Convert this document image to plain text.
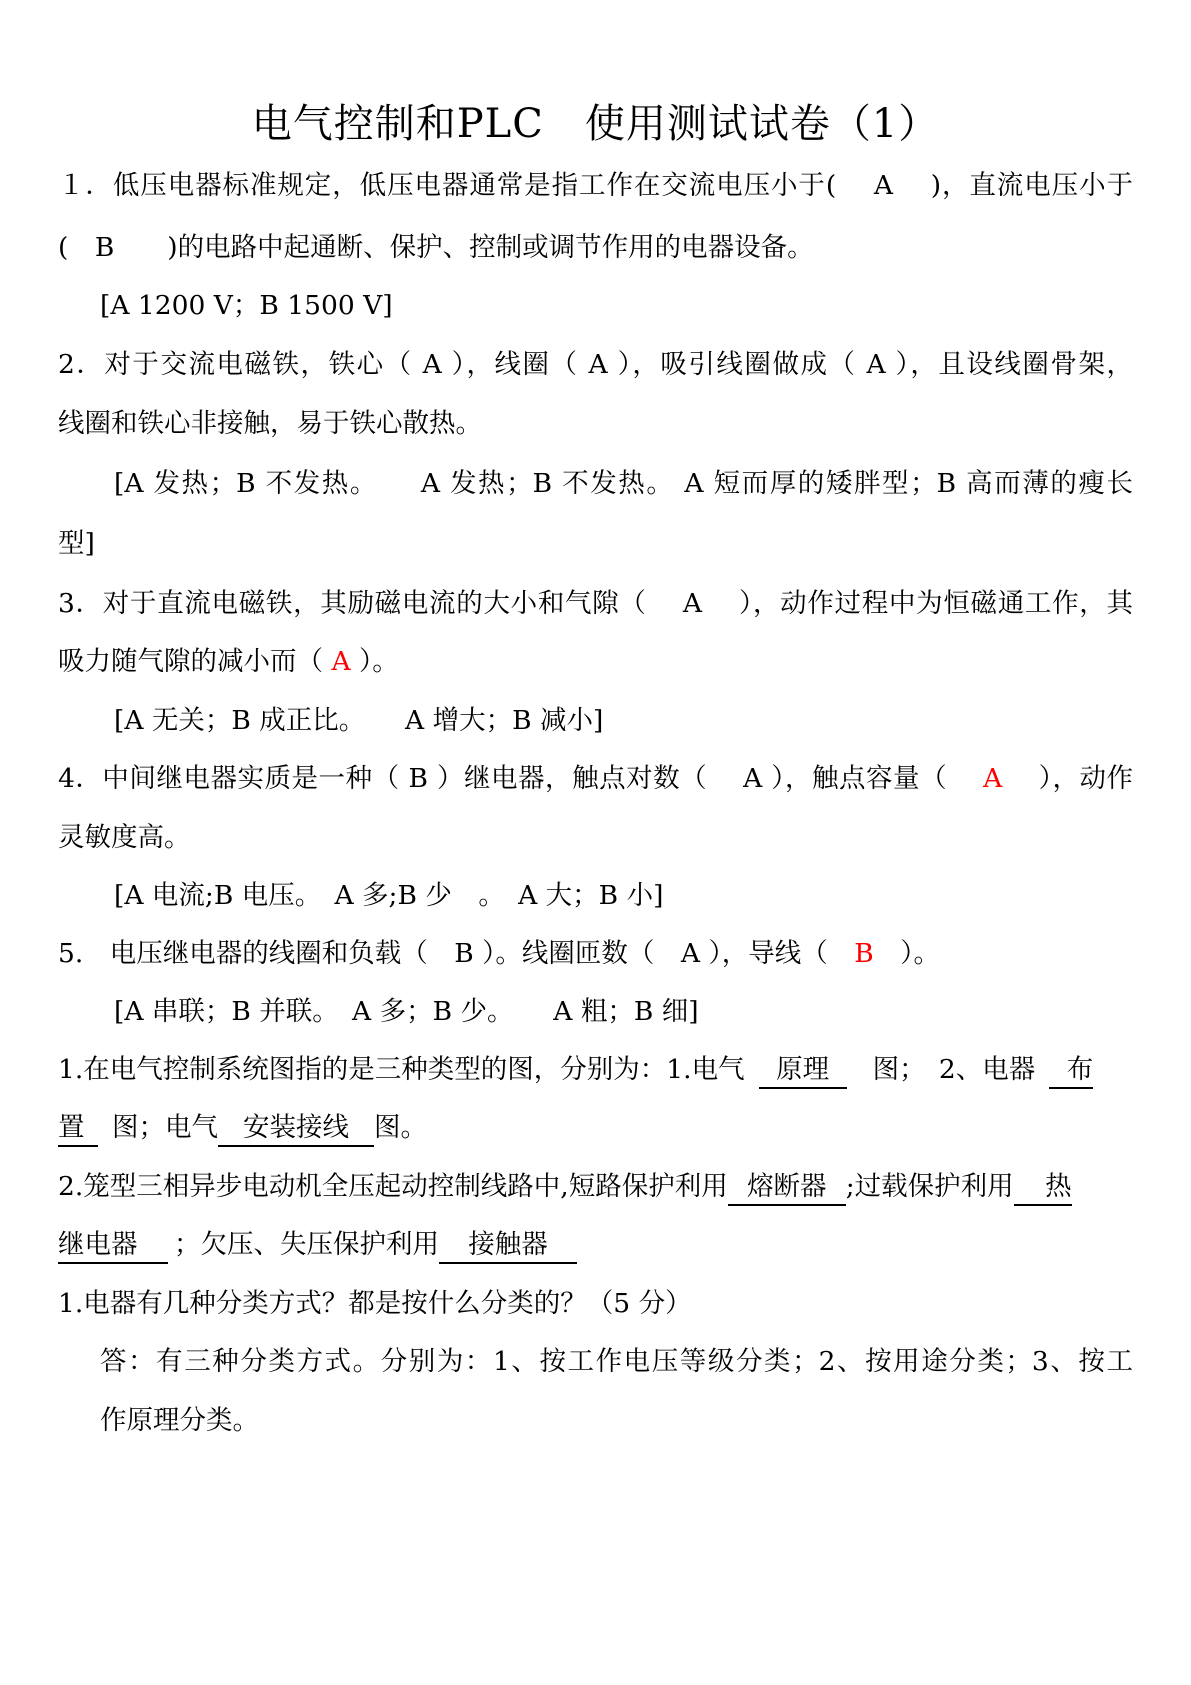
电气控制和PLC　使用测试试卷（1）
１．低压电器标准规定，低压电器通常是指工作在交流电压小于(　 A　 )，直流电压小于
(　B　　)的电路中起通断、保护、控制或调节作用的电器设备。
[A 1200 V；B 1500 V]
2．对于交流电磁铁，铁心（ A ），线圈（ A ），吸引线圈做成（ A ），且设线圈骨架，
线圈和铁心非接触，易于铁心散热。
[A 发热；B 不发热。　　A 发热；B 不发热。 A 短而厚的矮胖型；B 高而薄的瘦长
型]
3．对于直流电磁铁，其励磁电流的大小和气隙（　 A　 ），动作过程中为恒磁通工作，其
吸力随气隙的减小而（ A ）。
[A 无关；B 成正比。　　A 增大；B 减小]
4．中间继电器实质是一种（ B ）继电器，触点对数（　 A ），触点容量（　 A　 ），动作
灵敏度高。
[A 电流;B 电压。　A 多;B 少　。　A 大；B 小]
5.　电压继电器的线圈和负载（　B ）。线圈匝数（　A ），导线（　B　）。
[A 串联；B 并联。　A 多；B 少。　　A 粗；B 细]
1.在电气控制系统图指的是三种类型的图，分别为：1.电气 原理 图；　2、电器 布
置 图；电气 安装接线 图。
2.笼型三相异步电动机全压起动控制线路中,短路保护利用 熔断器 ;过载保护利用 热
继电器 ；欠压、失压保护利用 接触器
1.电器有几种分类方式？都是按什么分类的？（5 分）
答：有三种分类方式。分别为：1、按工作电压等级分类；2、按用途分类；3、按工
作原理分类。
